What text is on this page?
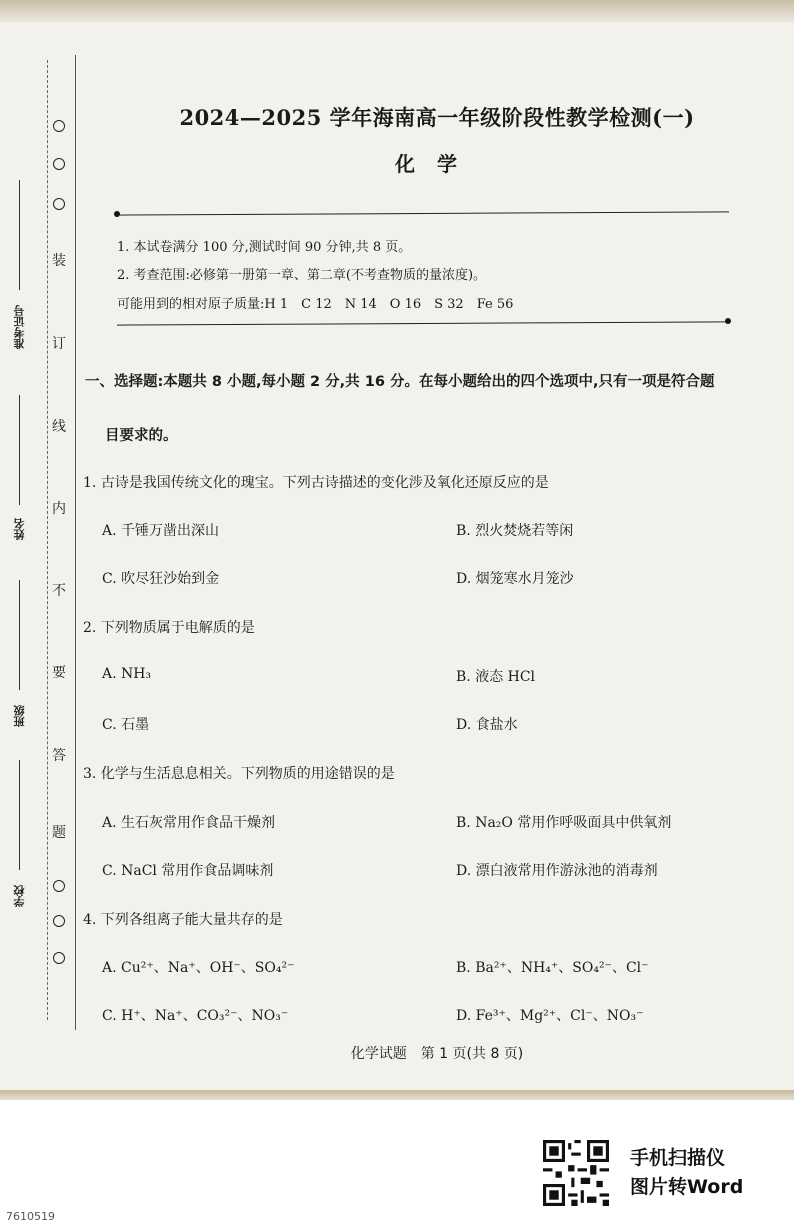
装
订
线
内
不
要
答
题
准考证号
姓名
班级
学校
2024—2025 学年海南高一年级阶段性教学检测(一)
化学
1. 本试卷满分 100 分,测试时间 90 分钟,共 8 页。
2. 考查范围:必修第一册第一章、第二章(不考查物质的量浓度)。
可能用到的相对原子质量:H 1　C 12　N 14　O 16　S 32　Fe 56
一、选择题:本题共 8 小题,每小题 2 分,共 16 分。在每小题给出的四个选项中,只有一项是符合题
目要求的。
1. 古诗是我国传统文化的瑰宝。下列古诗描述的变化涉及氧化还原反应的是
A. 千锤万凿出深山	B. 烈火焚烧若等闲
C. 吹尽狂沙始到金	D. 烟笼寒水月笼沙
2. 下列物质属于电解质的是
A. NH₃	B. 液态 HCl
C. 石墨	D. 食盐水
3. 化学与生活息息相关。下列物质的用途错误的是
A. 生石灰常用作食品干燥剂	B. Na₂O 常用作呼吸面具中供氧剂
C. NaCl 常用作食品调味剂	D. 漂白液常用作游泳池的消毒剂
4. 下列各组离子能大量共存的是
A. Cu²⁺、Na⁺、OH⁻、SO₄²⁻	B. Ba²⁺、NH₄⁺、SO₄²⁻、Cl⁻
C. H⁺、Na⁺、CO₃²⁻、NO₃⁻	D. Fe³⁺、Mg²⁺、Cl⁻、NO₃⁻
化学试题　第 1 页(共 8 页)
手机扫描仪
图片转Word
7610519
